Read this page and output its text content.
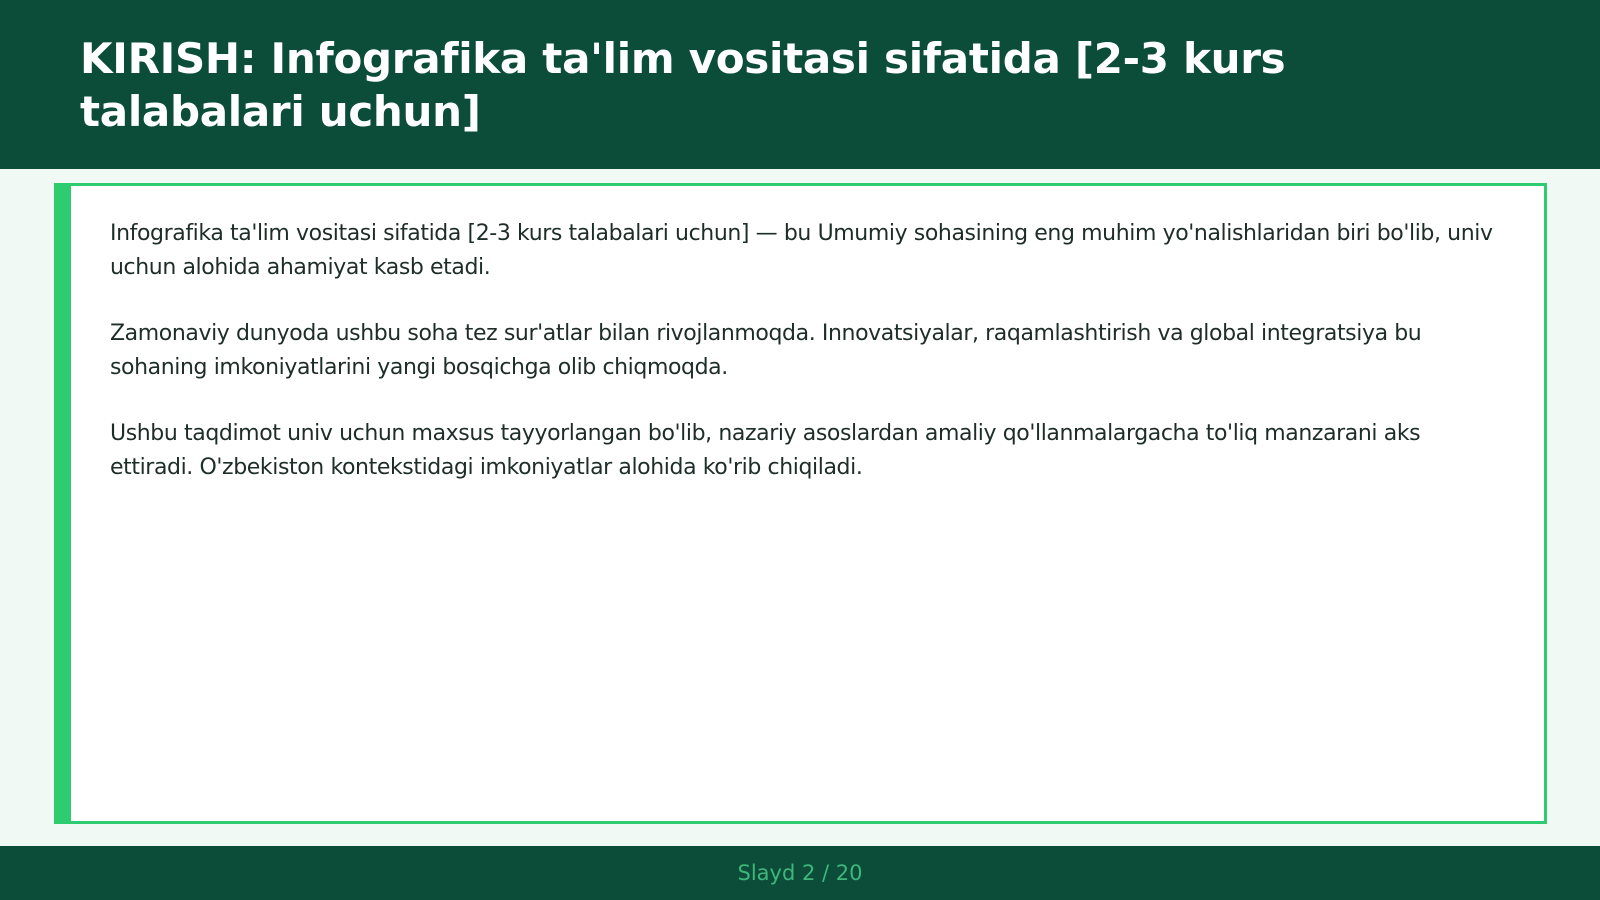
KIRISH: Infografika ta'lim vositasi sifatida [2-3 kurs talabalari uchun]

Infografika ta'lim vositasi sifatida [2-3 kurs talabalari uchun] — bu Umumiy sohasining eng muhim yo'nalishlaridan biri bo'lib, univ uchun alohida ahamiyat kasb etadi.

Zamonaviy dunyoda ushbu soha tez sur'atlar bilan rivojlanmoqda. Innovatsiyalar, raqamlashtirish va global integratsiya bu sohaning imkoniyatlarini yangi bosqichga olib chiqmoqda.

Ushbu taqdimot univ uchun maxsus tayyorlangan bo'lib, nazariy asoslardan amaliy qo'llanmalargacha to'liq manzarani aks ettiradi. O'zbekiston kontekstidagi imkoniyatlar alohida ko'rib chiqiladi.

Slayd 2 / 20
